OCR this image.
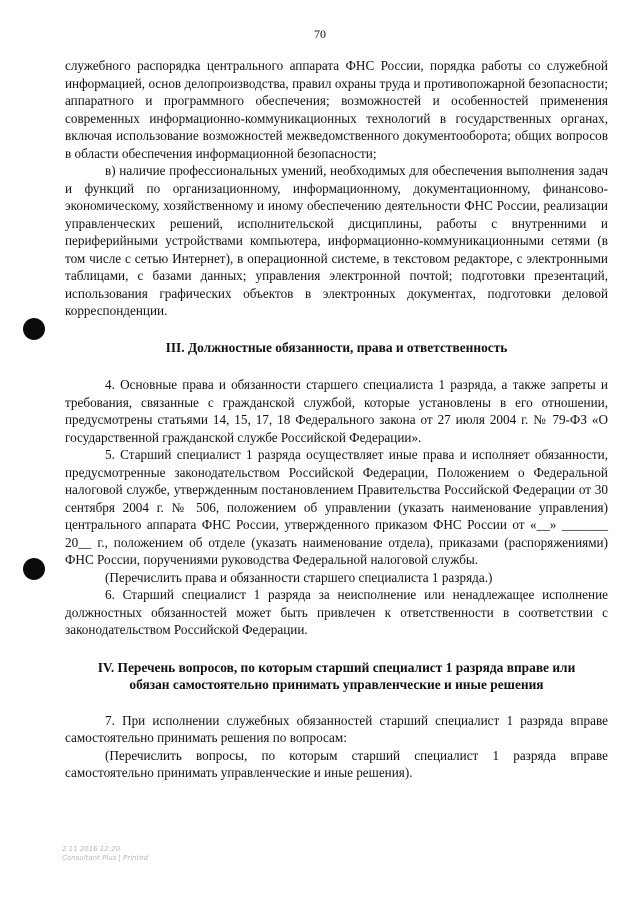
70

служебного распорядка центрального аппарата ФНС России, порядка работы со служебной информацией, основ делопроизводства, правил охраны труда и противопожарной безопасности; аппаратного и программного обеспечения; возможностей и особенностей применения современных информационно-коммуникационных технологий в государственных органах, включая использование возможностей межведомственного документооборота; общих вопросов в области обеспечения информационной безопасности;

в) наличие профессиональных умений, необходимых для обеспечения выполнения задач и функций по организационному, информационному, документационному, финансово-экономическому, хозяйственному и иному обеспечению деятельности ФНС России, реализации управленческих решений, исполнительской дисциплины, работы с внутренними и периферийными устройствами компьютера, информационно-коммуникационными сетями (в том числе с сетью Интернет), в операционной системе, в текстовом редакторе, с электронными таблицами, с базами данных; управления электронной почтой; подготовки презентаций, использования графических объектов в электронных документах, подготовки деловой корреспонденции.

III. Должностные обязанности, права и ответственность

4. Основные права и обязанности старшего специалиста 1 разряда, а также запреты и требования, связанные с гражданской службой, которые установлены в его отношении, предусмотрены статьями 14, 15, 17, 18 Федерального закона от 27 июля 2004 г. № 79-ФЗ «О государственной гражданской службе Российской Федерации».

5. Старший специалист 1 разряда осуществляет иные права и исполняет обязанности, предусмотренные законодательством Российской Федерации, Положением о Федеральной налоговой службе, утвержденным постановлением Правительства Российской Федерации от 30 сентября 2004 г. № 506, положением об управлении (указать наименование управления) центрального аппарата ФНС России, утвержденного приказом ФНС России от «__» _______ 20__ г., положением об отделе (указать наименование отдела), приказами (распоряжениями) ФНС России, поручениями руководства Федеральной налоговой службы.

(Перечислить права и обязанности старшего специалиста 1 разряда.)

6. Старший специалист 1 разряда за неисполнение или ненадлежащее исполнение должностных обязанностей может быть привлечен к ответственности в соответствии с законодательством Российской Федерации.

IV. Перечень вопросов, по которым старший специалист 1 разряда вправе или
обязан самостоятельно принимать управленческие и иные решения

7. При исполнении служебных обязанностей старший специалист 1 разряда вправе самостоятельно принимать решения по вопросам:

(Перечислить вопросы, по которым старший специалист 1 разряда вправе самостоятельно принимать управленческие и иные решения).

2 11 2016 12:20
Consultant Plus | Printed
